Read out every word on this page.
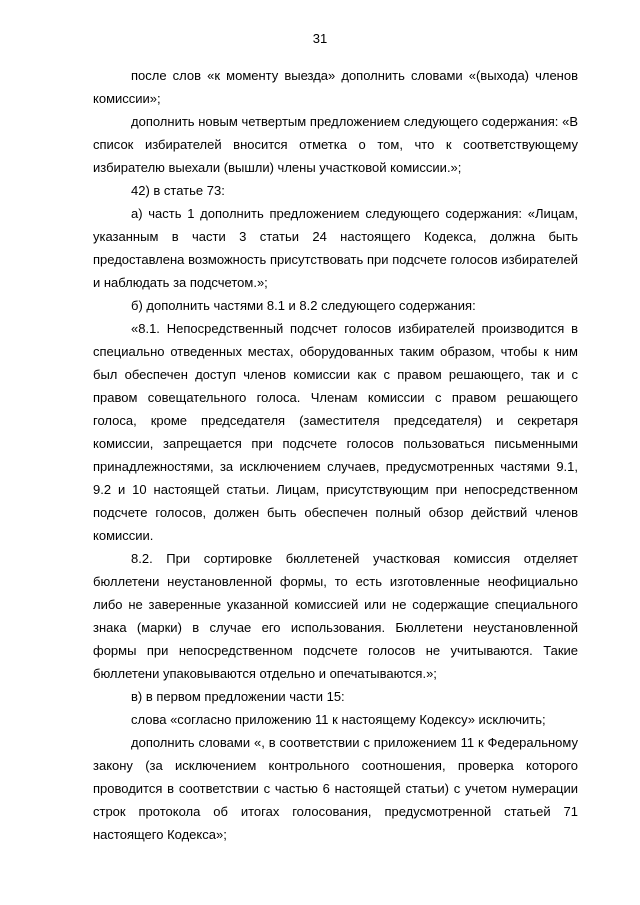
31

после слов «к моменту выезда» дополнить словами «(выхода) членов комиссии»;

дополнить новым четвертым предложением следующего содержания: «В список избирателей вносится отметка о том, что к соответствующему избирателю выехали (вышли) члены участковой комиссии.»;

42) в статье 73:

а) часть 1 дополнить предложением следующего содержания: «Лицам, указанным в части 3 статьи 24 настоящего Кодекса, должна быть предоставлена возможность присутствовать при подсчете голосов избирателей и наблюдать за подсчетом.»;

б) дополнить частями 8.1 и 8.2 следующего содержания:

«8.1. Непосредственный подсчет голосов избирателей производится в специально отведенных местах, оборудованных таким образом, чтобы к ним был обеспечен доступ членов комиссии как с правом решающего, так и с правом совещательного голоса. Членам комиссии с правом решающего голоса, кроме председателя (заместителя председателя) и секретаря комиссии, запрещается при подсчете голосов пользоваться письменными принадлежностями, за исключением случаев, предусмотренных частями 9.1, 9.2 и 10 настоящей статьи. Лицам, присутствующим при непосредственном подсчете голосов, должен быть обеспечен полный обзор действий членов комиссии.

8.2. При сортировке бюллетеней участковая комиссия отделяет бюллетени неустановленной формы, то есть изготовленные неофициально либо не заверенные указанной комиссией или не содержащие специального знака (марки) в случае его использования. Бюллетени неустановленной формы при непосредственном подсчете голосов не учитываются. Такие бюллетени упаковываются отдельно и опечатываются.»;

в) в первом предложении части 15:

слова «согласно приложению 11 к настоящему Кодексу» исключить;

дополнить словами «, в соответствии с приложением 11 к Федеральному закону (за исключением контрольного соотношения, проверка которого проводится в соответствии с частью 6 настоящей статьи) с учетом нумерации строк протокола об итогах голосования, предусмотренной статьей 71 настоящего Кодекса»;
